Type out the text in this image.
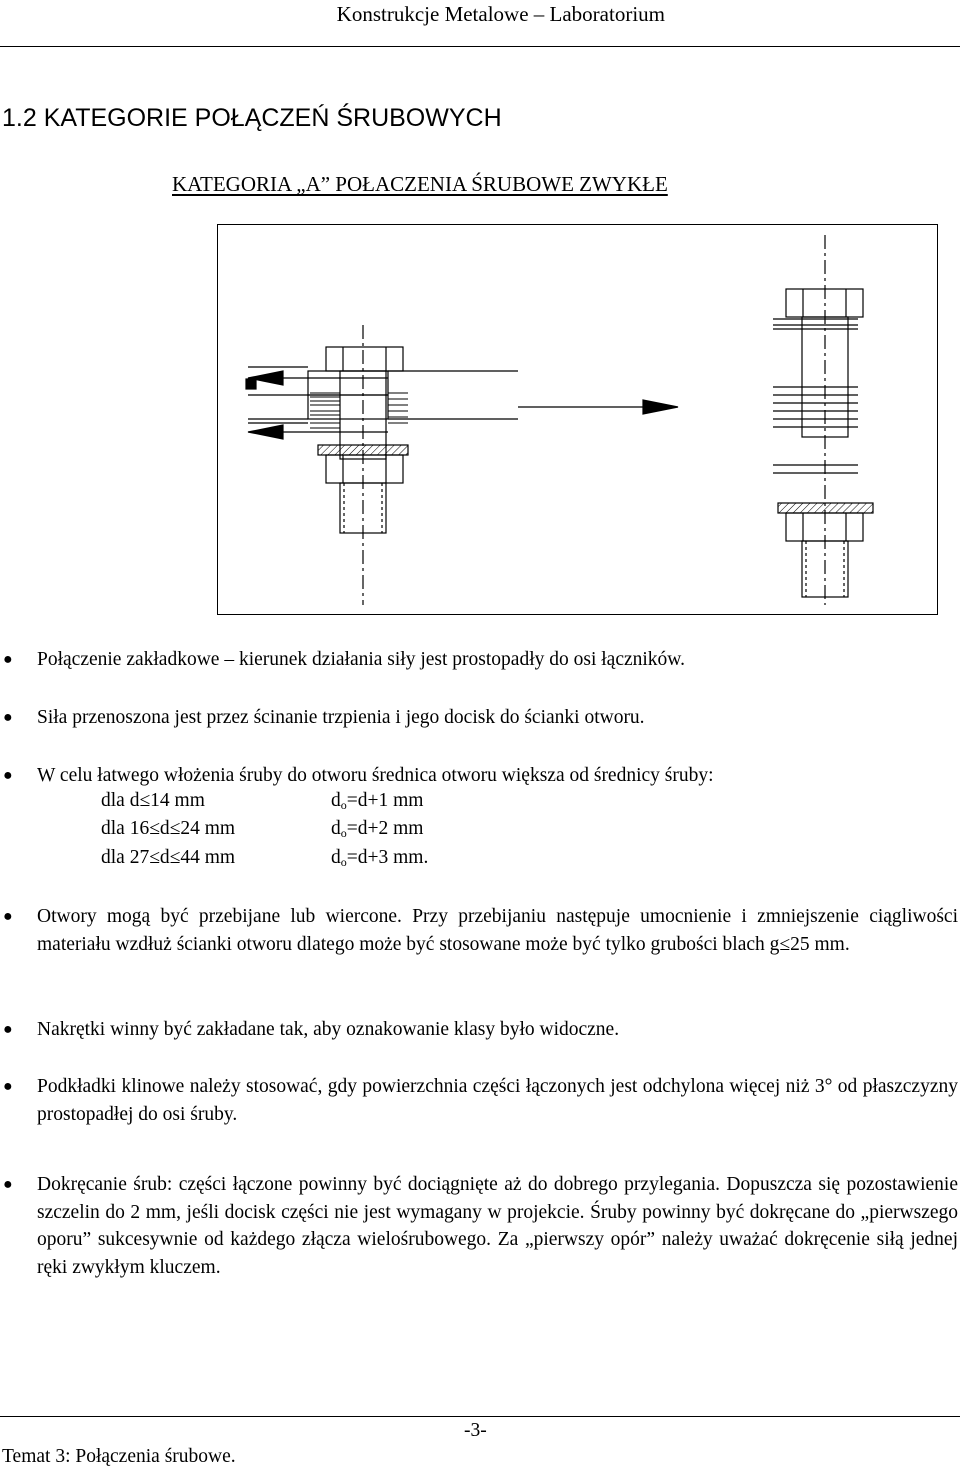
Konstrukcje Metalowe – Laboratorium
1.2 KATEGORIE POŁĄCZEŃ ŚRUBOWYCH
KATEGORIA „A” POŁACZENIA ŚRUBOWE ZWYKŁE
● Połączenie zakładkowe – kierunek działania siły jest prostopadły do osi łączników.
● Siła przenoszona jest przez ścinanie trzpienia i jego docisk do ścianki otworu.
● W celu łatwego włożenia śruby do otworu średnica otworu większa od średnicy śruby:
dla d≤14 mm	$d_o=d+1$ mm
dla 16≤d≤24 mm	$d_o=d+2$ mm
dla 27≤d≤44 mm	$d_o=d+3$ mm.
● Otwory mogą być przebijane lub wiercone. Przy przebijaniu następuje umocnienie i zmniejszenie ciągliwości materiału wzdłuż ścianki otworu dlatego może być stosowane może być tylko grubości blach g≤25 mm.
● Nakrętki winny być zakładane tak, aby oznakowanie klasy było widoczne.
● Podkładki klinowe należy stosować, gdy powierzchnia części łączonych jest odchylona więcej niż 3° od płaszczyzny prostopadłej do osi śruby.
● Dokręcanie śrub: części łączone powinny być dociągnięte aż do dobrego przylegania. Dopuszcza się pozostawienie szczelin do 2 mm, jeśli docisk części nie jest wymagany w projekcie. Śruby powinny być dokręcane do „pierwszego oporu” sukcesywnie od każdego złącza wielośrubowego. Za „pierwszy opór” należy uważać dokręcenie siłą jednej ręki zwykłym kluczem.
-3-
Temat 3: Połączenia śrubowe.
